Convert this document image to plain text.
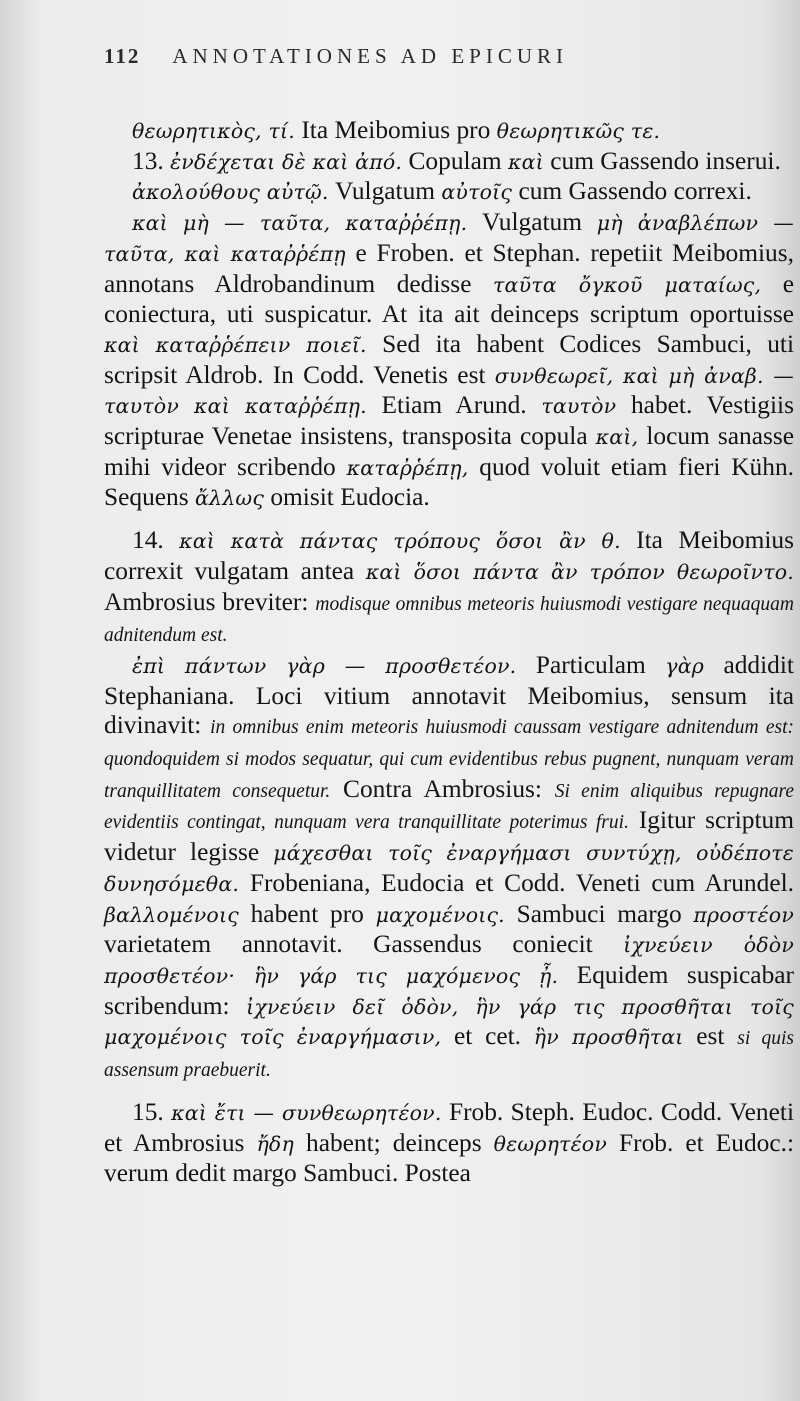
112 ANNOTATIONES AD EPICURI

θεωρητικὸς, τί. Ita Meibomius pro θεωρητικῶς τε.

13. ἐνδέχεται δὲ καὶ ἀπό. Copulam καὶ cum Gassendo inserui.

ἀκολούθους αὐτῷ. Vulgatum αὐτοῖς cum Gassendo correxi.

καὶ μὴ — ταῦτα, καταῤῥέπῃ. Vulgatum μὴ ἀναβλέπων — ταῦτα, καὶ καταῤῥέπῃ e Froben. et Stephan. repetiit Meibomius, annotans Aldrobandinum dedisse ταῦτα ὄγκοῦ ματαίως, e coniectura, uti suspicatur. At ita ait deinceps scriptum oportuisse καὶ καταῤῥέπειν ποιεῖ. Sed ita habent Codices Sambuci, uti scripsit Aldrob. In Codd. Venetis est συνθεωρεῖ, καὶ μὴ ἀναβ. — ταυτὸν καὶ καταῤῥέπῃ. Etiam Arund. ταυτὸν habet. Vestigiis scripturae Venetae insistens, transposita copula καὶ, locum sanasse mihi videor scribendo καταῤῥέπῃ, quod voluit etiam fieri Kühn. Sequens ἄλλως omisit Eudocia.

14. καὶ κατὰ πάντας τρόπους ὅσοι ἂν θ. Ita Meibomius correxit vulgatam antea καὶ ὅσοι πάντα ἂν τρόπον θεωροῖντο. Ambrosius breviter: modisque omnibus meteoris huiusmodi vestigare nequaquam adnitendum est.

ἐπὶ πάντων γὰρ — προσθετέον. Particulam γὰρ addidit Stephaniana. Loci vitium annotavit Meibomius, sensum ita divinavit: in omnibus enim meteoris huiusmodi caussam vestigare adnitendum est: quondoquidem si modos sequatur, qui cum evidentibus rebus pugnent, nunquam veram tranquillitatem consequetur. Contra Ambrosius: Si enim aliquibus repugnare evidentiis contingat, nunquam vera tranquillitate poterimus frui. Igitur scriptum videtur legisse μάχεσθαι τοῖς ἐναργήμασι συντύχῃ, οὐδέποτε δυνησόμεθα. Frobeniana, Eudocia et Codd. Veneti cum Arundel. βαλλομένοις habent pro μαχομένοις. Sambuci margo προστέον varietatem annotavit. Gassendus coniecit ἰχνεύειν ὁδὸν προσθετέον· ἣν γάρ τις μαχόμενος ᾖ. Equidem suspicabar scribendum: ἰχνεύειν δεῖ ὁδὸν, ἣν γάρ τις προσθῆται τοῖς μαχομένοις τοῖς ἐναργήμασιν, et cet. ἣν προσθῆται est si quis assensum praebuerit.

15. καὶ ἔτι — συνθεωρητέον. Frob. Steph. Eudoc. Codd. Veneti et Ambrosius ἤδη habent; deinceps θεωρητέον Frob. et Eudoc.: verum dedit margo Sambuci. Postea
